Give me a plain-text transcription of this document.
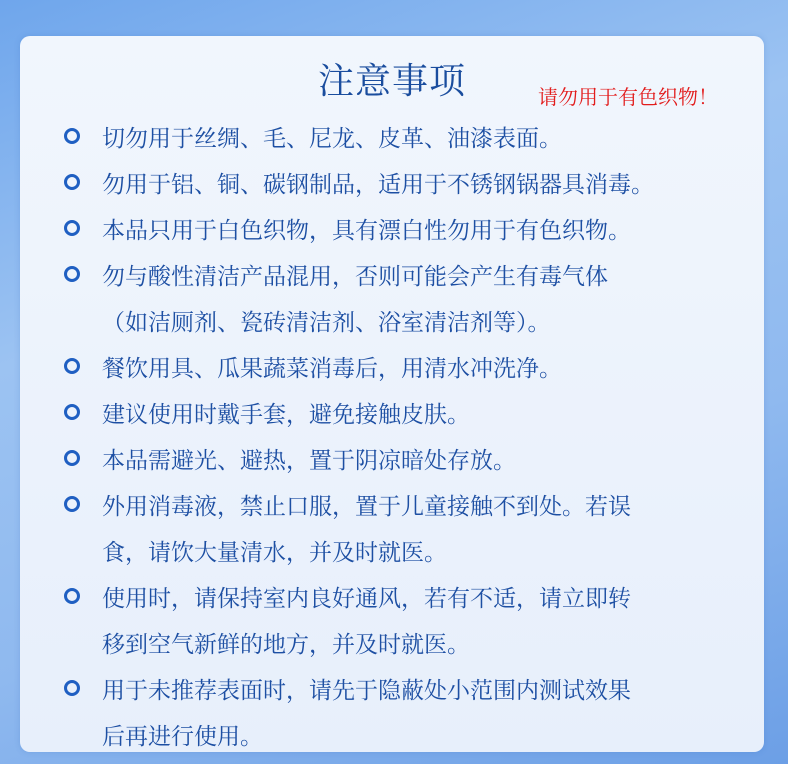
注意事项	请勿用于有色织物！
切勿用于丝绸、毛、尼龙、皮革、油漆表面。
勿用于铝、铜、碳钢制品，适用于不锈钢锅器具消毒。
本品只用于白色织物，具有漂白性勿用于有色织物。
勿与酸性清洁产品混用，否则可能会产生有毒气体
（如洁厕剂、瓷砖清洁剂、浴室清洁剂等）。
餐饮用具、瓜果蔬菜消毒后，用清水冲洗净。
建议使用时戴手套，避免接触皮肤。
本品需避光、避热，置于阴凉暗处存放。
外用消毒液，禁止口服，置于儿童接触不到处。若误
食，请饮大量清水，并及时就医。
使用时，请保持室内良好通风，若有不适，请立即转
移到空气新鲜的地方，并及时就医。
用于未推荐表面时，请先于隐蔽处小范围内测试效果
后再进行使用。
